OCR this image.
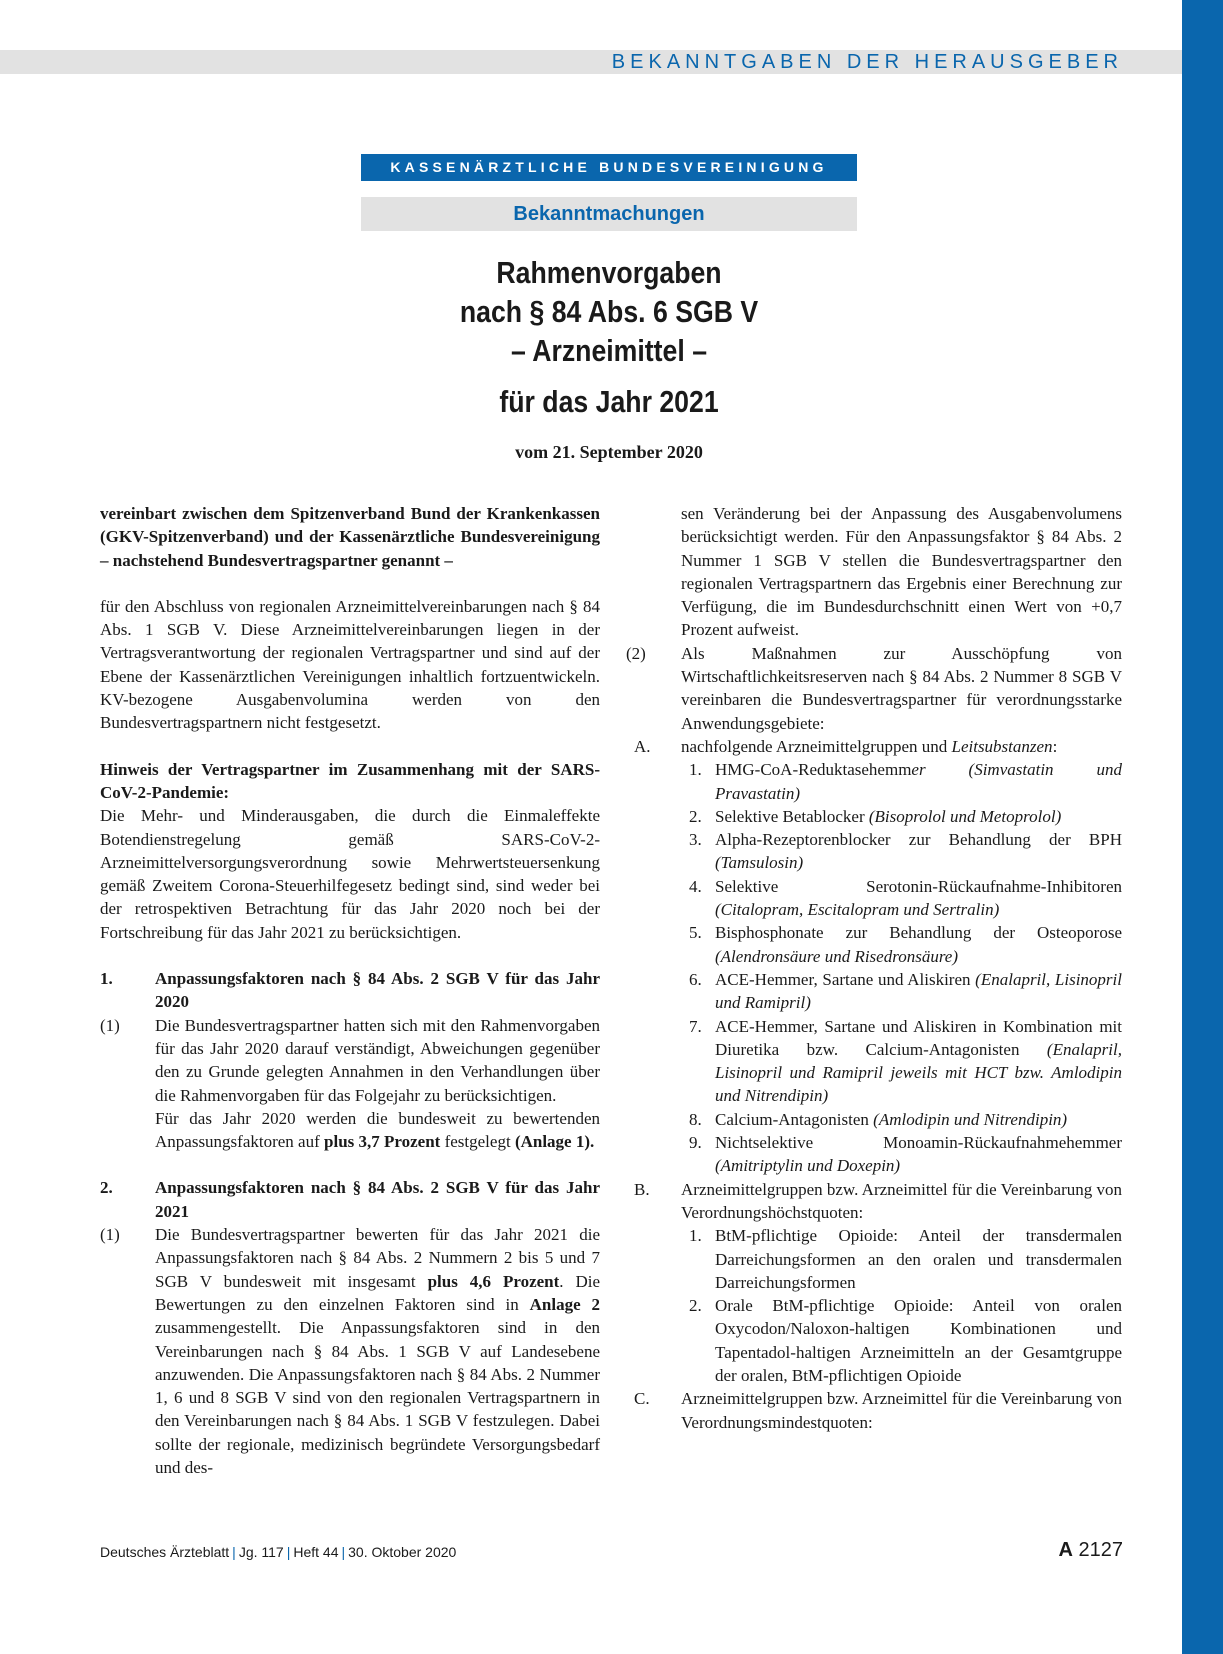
BEKANNTGABEN DER HERAUSGEBER
KASSENÄRZTLICHE BUNDESVEREINIGUNG
Bekanntmachungen
Rahmenvorgaben
nach § 84 Abs. 6 SGB V
– Arzneimittel –
für das Jahr 2021
vom 21. September 2020

vereinbart zwischen dem Spitzenverband Bund der Krankenkassen (GKV-Spitzenverband) und der Kassenärztliche Bundesvereinigung – nachstehend Bundesvertragspartner genannt –

für den Abschluss von regionalen Arzneimittelvereinbarungen nach § 84 Abs. 1 SGB V. Diese Arzneimittelvereinbarungen liegen in der Vertragsverantwortung der regionalen Vertragspartner und sind auf der Ebene der Kassenärztlichen Vereinigungen inhaltlich fortzuentwickeln. KV-bezogene Ausgabenvolumina werden von den Bundesvertragspartnern nicht festgesetzt.

Hinweis der Vertragspartner im Zusammenhang mit der SARS-CoV-2-Pandemie:

Die Mehr- und Minderausgaben, die durch die Einmaleffekte Botendienstregelung gemäß SARS-CoV-2-Arzneimittelversorgungsverordnung sowie Mehrwertsteuersenkung gemäß Zweitem Corona-Steuerhilfegesetz bedingt sind, sind weder bei der retrospektiven Betrachtung für das Jahr 2020 noch bei der Fortschreibung für das Jahr 2021 zu berücksichtigen.

1.	Anpassungsfaktoren nach § 84 Abs. 2 SGB V für das Jahr 2020
(1)	Die Bundesvertragspartner hatten sich mit den Rahmenvorgaben für das Jahr 2020 darauf verständigt, Abweichungen gegenüber den zu Grunde gelegten Annahmen in den Verhandlungen über die Rahmenvorgaben für das Folgejahr zu berücksichtigen.
Für das Jahr 2020 werden die bundesweit zu bewertenden Anpassungsfaktoren auf plus 3,7 Prozent festgelegt (Anlage 1).
2.	Anpassungsfaktoren nach § 84 Abs. 2 SGB V für das Jahr 2021
(1)	Die Bundesvertragspartner bewerten für das Jahr 2021 die Anpassungsfaktoren nach § 84 Abs. 2 Nummern 2 bis 5 und 7 SGB V bundesweit mit insgesamt plus 4,6 Prozent. Die Bewertungen zu den einzelnen Faktoren sind in Anlage 2 zusammengestellt. Die Anpassungsfaktoren sind in den Vereinbarungen nach § 84 Abs. 1 SGB V auf Landesebene anzuwenden. Die Anpassungsfaktoren nach § 84 Abs. 2 Nummer 1, 6 und 8 SGB V sind von den regionalen Vertragspartnern in den Vereinbarungen nach § 84 Abs. 1 SGB V festzulegen. Dabei sollte der regionale, medizinisch begründete Versorgungsbedarf und des-

sen Veränderung bei der Anpassung des Ausgabenvolumens berücksichtigt werden. Für den Anpassungsfaktor § 84 Abs. 2 Nummer 1 SGB V stellen die Bundesvertragspartner den regionalen Vertragspartnern das Ergebnis einer Berechnung zur Verfügung, die im Bundesdurchschnitt einen Wert von +0,7 Prozent aufweist.

(2)	Als Maßnahmen zur Ausschöpfung von Wirtschaftlichkeitsreserven nach § 84 Abs. 2 Nummer 8 SGB V vereinbaren die Bundesvertragspartner für verordnungsstarke Anwendungsgebiete:
A.	nachfolgende Arzneimittelgruppen und Leitsubstanzen:
1. HMG-CoA-Reduktasehemmer	(Simvastatin und Pravastatin)
2. Selektive Betablocker (Bisoprolol und Metoprolol)
3. Alpha-Rezeptorenblocker zur Behandlung der BPH (Tamsulosin)
4. Selektive Serotonin-Rückaufnahme-Inhibitoren (Citalopram, Escitalopram und Sertralin)
5. Bisphosphonate zur Behandlung der Osteoporose (Alendronsäure und Risedronsäure)
6. ACE-Hemmer, Sartane und Aliskiren (Enalapril, Lisinopril und Ramipril)
7. ACE-Hemmer, Sartane und Aliskiren in Kombination mit Diuretika bzw. Calcium-Antagonisten (Enalapril, Lisinopril und Ramipril jeweils mit HCT bzw. Amlodipin und Nitrendipin)
8. Calcium-Antagonisten (Amlodipin und Nitrendipin)
9. Nichtselektive Monoamin-Rückaufnahmehemmer (Amitriptylin und Doxepin)
B.	Arzneimittelgruppen bzw. Arzneimittel für die Vereinbarung von Verordnungshöchstquoten:
1. BtM-pflichtige Opioide: Anteil der transdermalen Darreichungsformen an den oralen und transdermalen Darreichungsformen
2. Orale BtM-pflichtige Opioide: Anteil von oralen Oxycodon/Naloxon-haltigen Kombinationen und Tapentadol-haltigen Arzneimitteln an der Gesamtgruppe der oralen, BtM-pflichtigen Opioide
C.	Arzneimittelgruppen bzw. Arzneimittel für die Vereinbarung von Verordnungsmindestquoten:
Deutsches Ärzteblatt | Jg. 117 | Heft 44 | 30. Oktober 2020	A 2127
